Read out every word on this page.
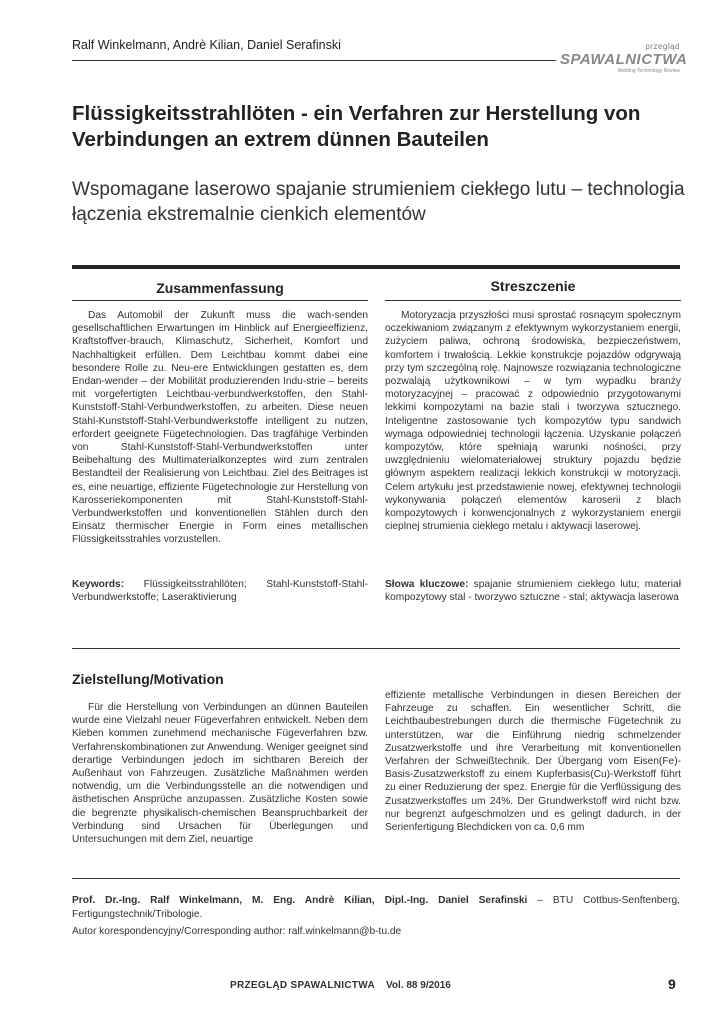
Ralf Winkelmann, Andrè Kilian, Daniel Serafinski	przegląd
SPAWALNICTWA
Welding Technology Review
Flüssigkeitsstrahllöten - ein Verfahren zur Herstellung von Verbindungen an extrem dünnen Bauteilen
Wspomagane laserowo spajanie strumieniem ciekłego lutu – technologia łączenia ekstremalnie cienkich elementów
Zusammenfassung	Streszczenie

Das Automobil der Zukunft muss die wach-senden gesellschaftlichen Erwartungen im Hinblick auf Energieeffizienz, Kraftstoffver-brauch, Klimaschutz, Sicherheit, Komfort und Nachhaltigkeit erfüllen. Dem Leichtbau kommt dabei eine besondere Rolle zu. Neu-ere Entwicklungen gestatten es, dem Endan-wender – der Mobilität produzierenden Indu-strie – bereits mit vorgefertigten Leichtbau-verbundwerkstoffen, den Stahl-Kunststoff-Stahl-Verbundwerkstoffen, zu arbeiten. Diese neuen Stahl-Kunststoff-Stahl-Verbundwerkstoffe intelligent zu nutzen, erfordert geeignete Fügetechnologien. Das tragfähige Verbinden von Stahl-Kunststoff-Stahl-Verbundwerkstoffen unter Beibehaltung des Multimaterialkonzeptes wird zum zentralen Bestandteil der Realisierung von Leichtbau. Ziel des Beitrages ist es, eine neuartige, effiziente Fügetechnologie zur Herstellung von Karosseriekomponenten mit Stahl-Kunststoff-Stahl-Verbundwerkstoffen und konventionellen Stählen durch den Einsatz thermischer Energie in Form eines metallischen Flüssigkeitsstrahles vorzustellen.

Keywords: Flüssigkeitsstrahllöten; Stahl-Kunststoff-Stahl-Verbundwerkstoffe; Laseraktivierung

Motoryzacja przyszłości musi sprostać rosnącym społecznym oczekiwaniom związanym z efektywnym wykorzystaniem energii, zużyciem paliwa, ochroną środowiska, bezpieczeństwem, komfortem i trwałością. Lekkie konstrukcje pojazdów odgrywają przy tym szczególną rolę. Najnowsze rozwiązania technologiczne pozwalają użytkownikowi – w tym wypadku branży motoryzacyjnej – pracować z odpowiednio przygotowanymi lekkimi kompozytami na bazie stali i tworzywa sztucznego. Inteligentne zastosowanie tych kompozytów typu sandwich wymaga odpowiedniej technologii łączenia. Uzyskanie połączeń kompozytów, które spełniają warunki nośności, przy uwzględnieniu wielomateriałowej struktury pojazdu będzie głównym aspektem realizacji lekkich konstrukcji w motoryzacji. Celem artykułu jest przedstawienie nowej, efektywnej technologii wykonywania połączeń elementów karoserii z blach kompozytowych i konwencjonalnych z wykorzystaniem energii cieplnej strumienia ciekłego metalu i aktywacji laserowej.

Słowa kluczowe: spajanie strumieniem ciekłego lutu; materiał kompozytowy stal - tworzywo sztuczne - stal; aktywacja laserowa
Zielstellung/Motivation

Für die Herstellung von Verbindungen an dünnen Bauteilen wurde eine Vielzahl neuer Fügeverfahren entwickelt. Neben dem Kleben kommen zunehmend mechanische Fügeverfahren bzw. Verfahrenskombinationen zur Anwendung. Weniger geeignet sind derartige Verbindungen jedoch im sichtbaren Bereich der Außenhaut von Fahrzeugen. Zusätzliche Maßnahmen werden notwendig, um die Verbindungsstelle an die notwendigen und ästhetischen Ansprüche anzupassen. Zusätzliche Kosten sowie die begrenzte physikalisch-chemischen Beanspruchbarkeit der Verbindung sind Ursachen für Überlegungen und Untersuchungen mit dem Ziel, neuartige

effiziente metallische Verbindungen in diesen Bereichen der Fahrzeuge zu schaffen. Ein wesentlicher Schritt, die Leichtbaubestrebungen durch die thermische Fügetechnik zu unterstützen, war die Einführung niedrig schmelzender Zusatzwerkstoffe und ihre Verarbeitung mit konventionellen Verfahren der Schweißtechnik. Der Übergang vom Eisen(Fe)-Basis-Zusatzwerkstoff zu einem Kupferbasis(Cu)-Werkstoff führt zu einer Reduzierung der spez. Energie für die Verflüssigung des Zusatzwerkstoffes um 24%. Der Grundwerkstoff wird nicht bzw. nur begrenzt aufgeschmolzen und es gelingt dadurch, in der Serienfertigung Blechdicken von ca. 0,6 mm

Prof. Dr.-Ing. Ralf Winkelmann, M. Eng. Andrè Kilian, Dipl.-Ing. Daniel Serafinski – BTU Cottbus-Senftenberg, Fertigungstechnik/Tribologie.
Autor korespondencyjny/Corresponding author: ralf.winkelmann@b-tu.de
PRZEGLĄD SPAWALNICTWA Vol. 88 9/2016	9
